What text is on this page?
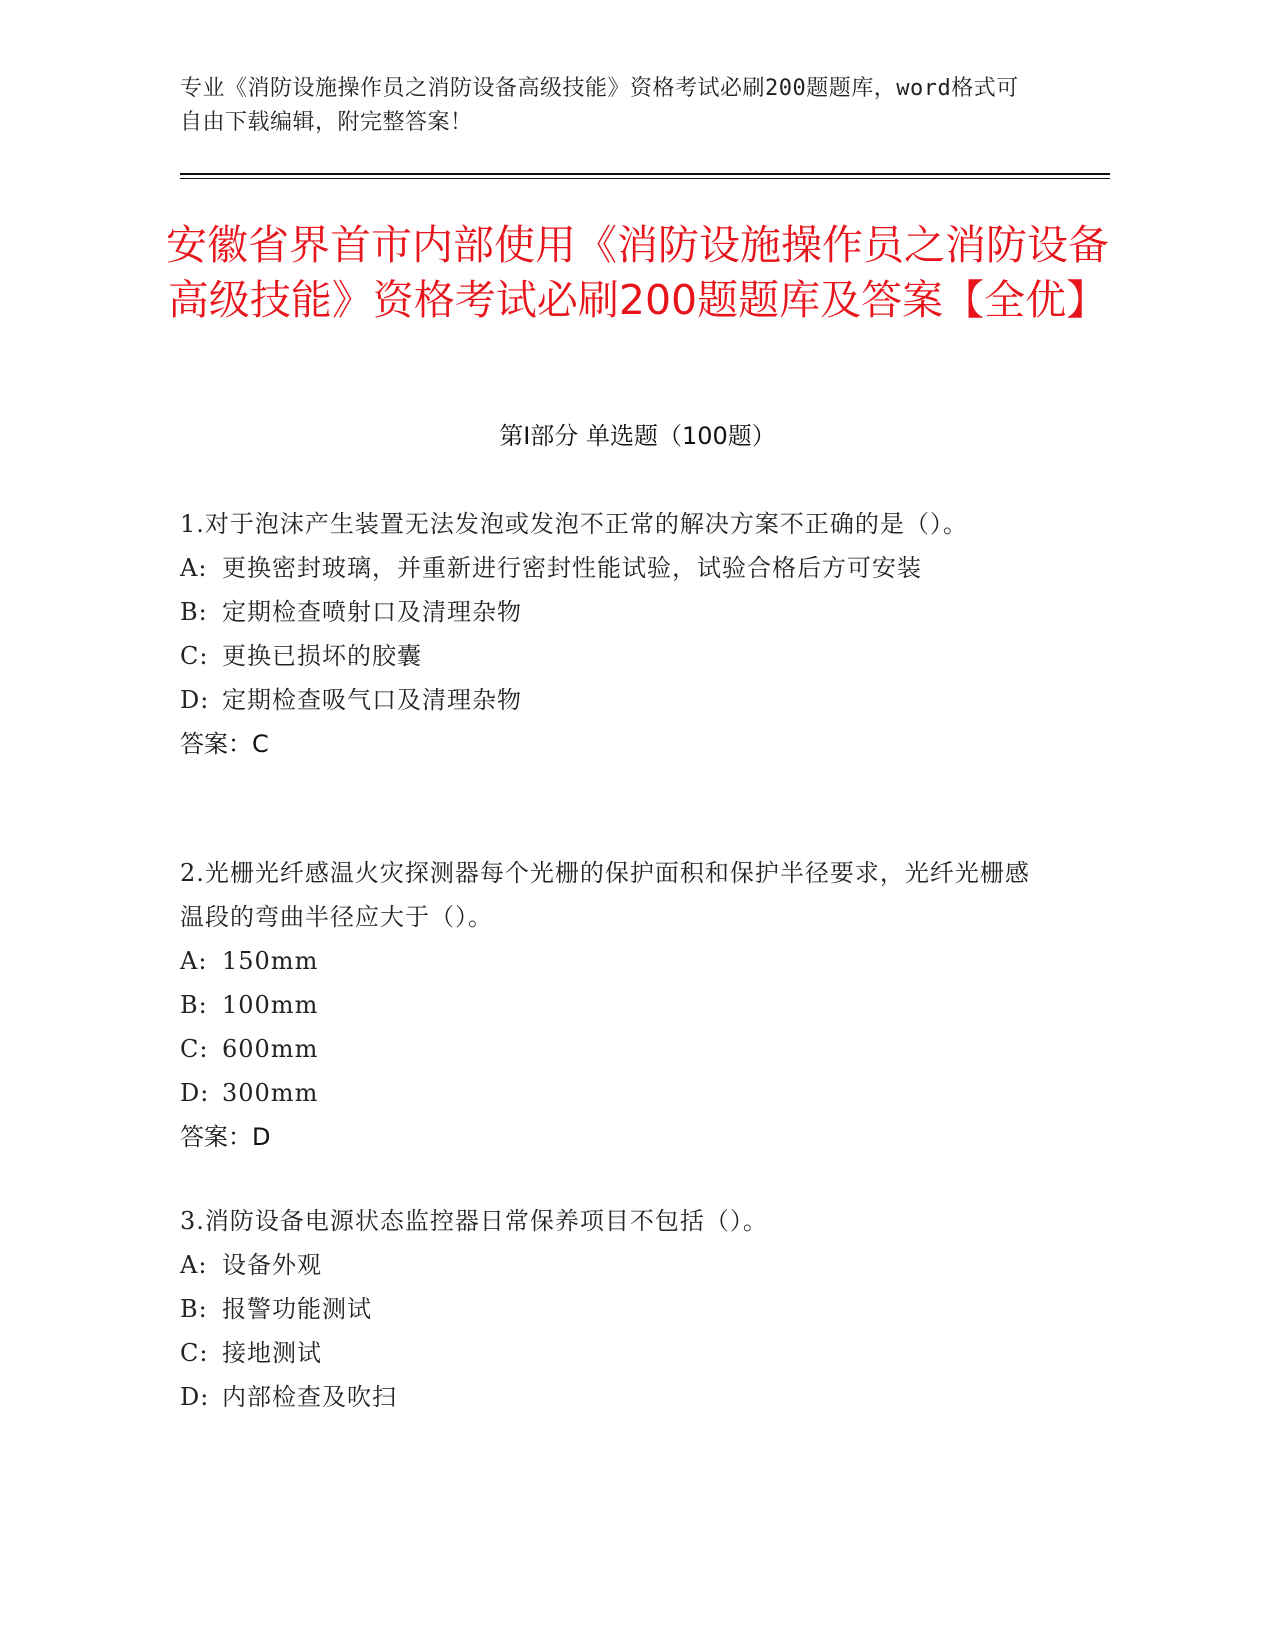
专业《消防设施操作员之消防设备高级技能》资格考试必刷200题题库，word格式可自由下载编辑，附完整答案！
安徽省界首市内部使用《消防设施操作员之消防设备高级技能》资格考试必刷200题题库及答案【全优】
第Ⅰ部分 单选题（100题）
1.对于泡沫产生装置无法发泡或发泡不正常的解决方案不正确的是（）。
A: 更换密封玻璃，并重新进行密封性能试验，试验合格后方可安装
B: 定期检查喷射口及清理杂物
C: 更换已损坏的胶囊
D: 定期检查吸气口及清理杂物
答案：C
2.光栅光纤感温火灾探测器每个光栅的保护面积和保护半径要求，光纤光栅感温段的弯曲半径应大于（）。
A: 150mm
B: 100mm
C: 600mm
D: 300mm
答案：D
3.消防设备电源状态监控器日常保养项目不包括（）。
A: 设备外观
B: 报警功能测试
C: 接地测试
D: 内部检查及吹扫
